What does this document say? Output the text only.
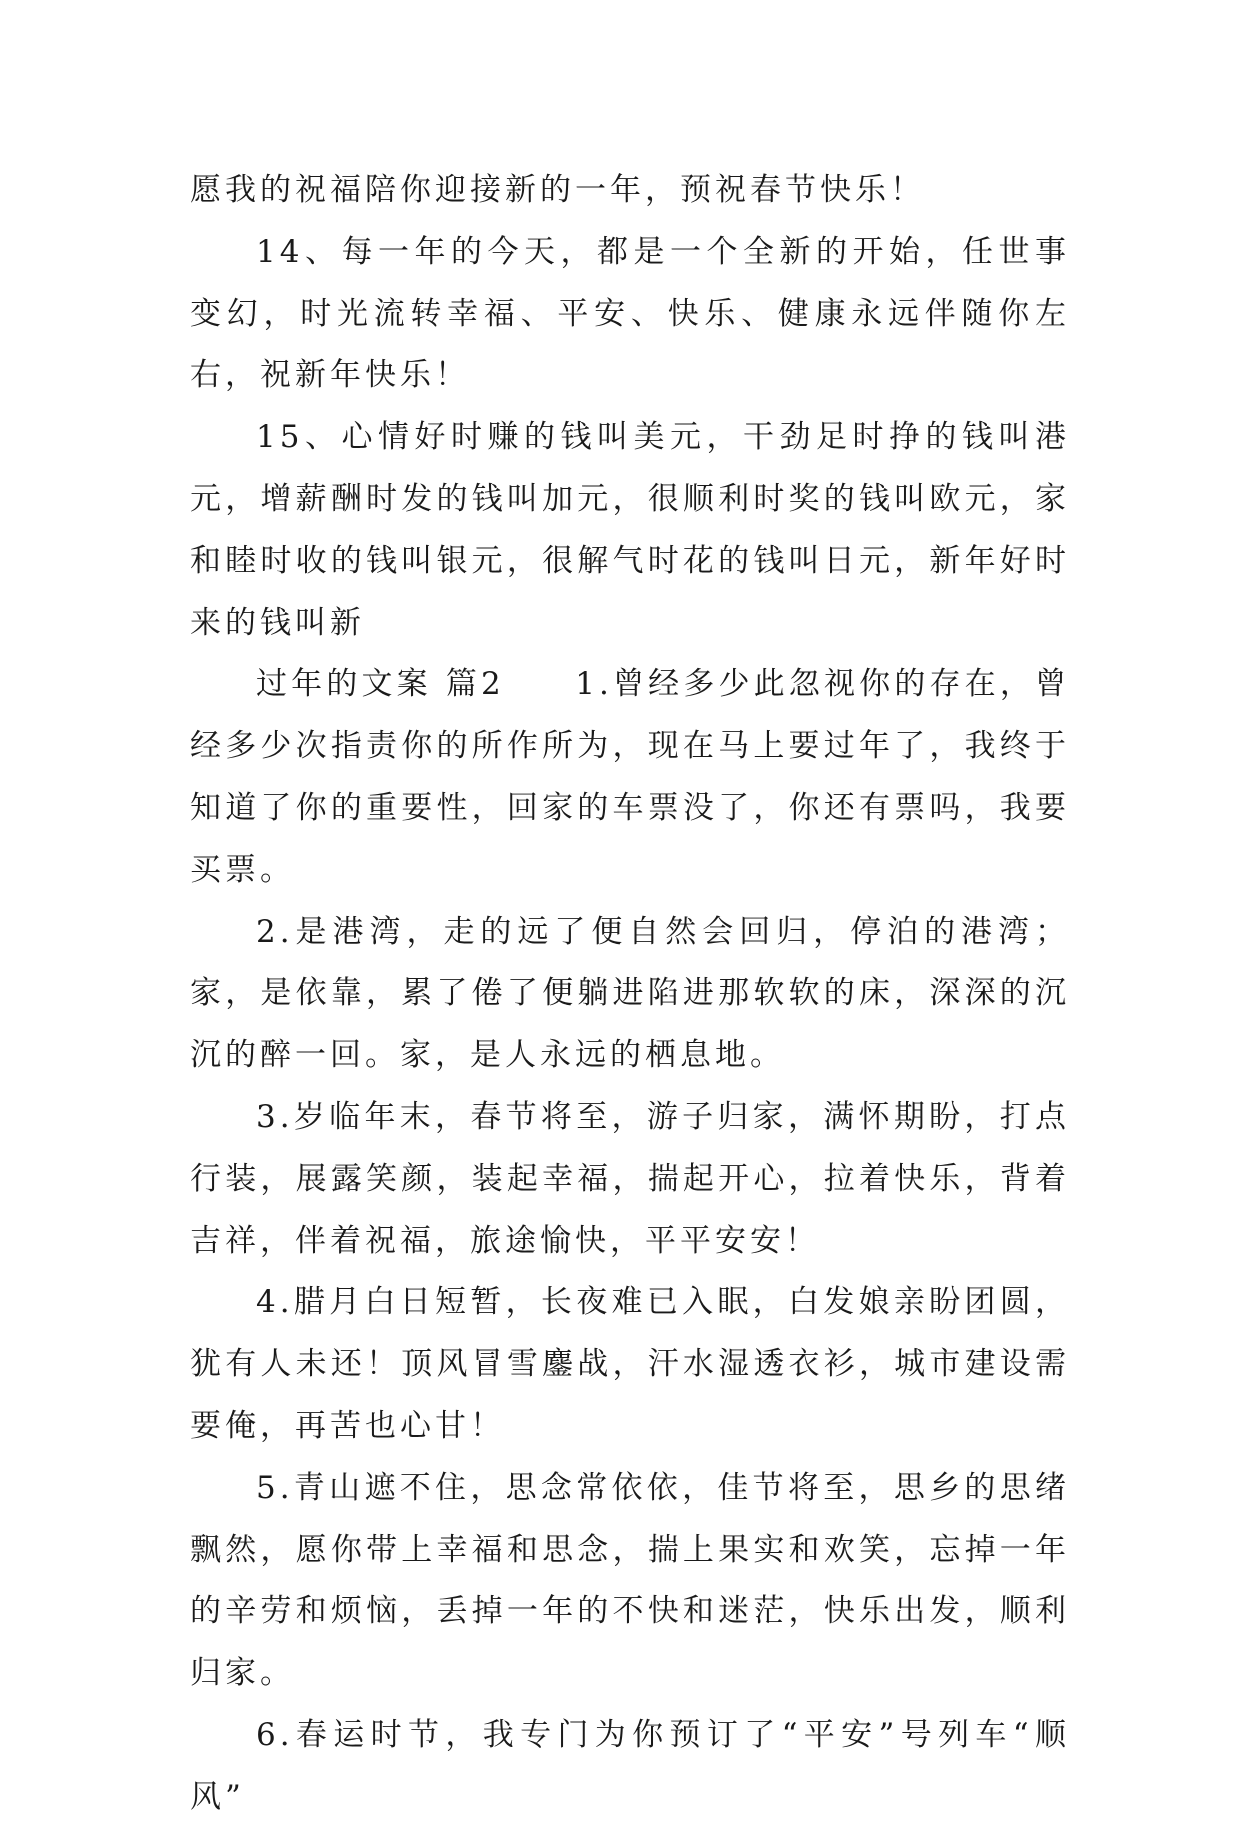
愿我的祝福陪你迎接新的一年，预祝春节快乐！

14、每一年的今天，都是一个全新的开始，任世事变幻，时光流转幸福、平安、快乐、健康永远伴随你左右，祝新年快乐！

15、心情好时赚的钱叫美元，干劲足时挣的钱叫港元，增薪酬时发的钱叫加元，很顺利时奖的钱叫欧元，家和睦时收的钱叫银元，很解气时花的钱叫日元，新年好时来的钱叫新

过年的文案 篇2　　1.曾经多少此忽视你的存在，曾经多少次指责你的所作所为，现在马上要过年了，我终于知道了你的重要性，回家的车票没了，你还有票吗，我要买票。

2.是港湾，走的远了便自然会回归，停泊的港湾；家，是依靠，累了倦了便躺进陷进那软软的床，深深的沉沉的醉一回。家，是人永远的栖息地。

3.岁临年末，春节将至，游子归家，满怀期盼，打点行装，展露笑颜，装起幸福，揣起开心，拉着快乐，背着吉祥，伴着祝福，旅途愉快，平平安安！

4.腊月白日短暂，长夜难已入眠，白发娘亲盼团圆，犹有人未还！顶风冒雪鏖战，汗水湿透衣衫，城市建设需要俺，再苦也心甘！

5.青山遮不住，思念常依依，佳节将至，思乡的思绪飘然，愿你带上幸福和思念，揣上果实和欢笑，忘掉一年的辛劳和烦恼，丢掉一年的不快和迷茫，快乐出发，顺利归家。

6.春运时节，我专门为你预订了“平安”号列车“顺风”
